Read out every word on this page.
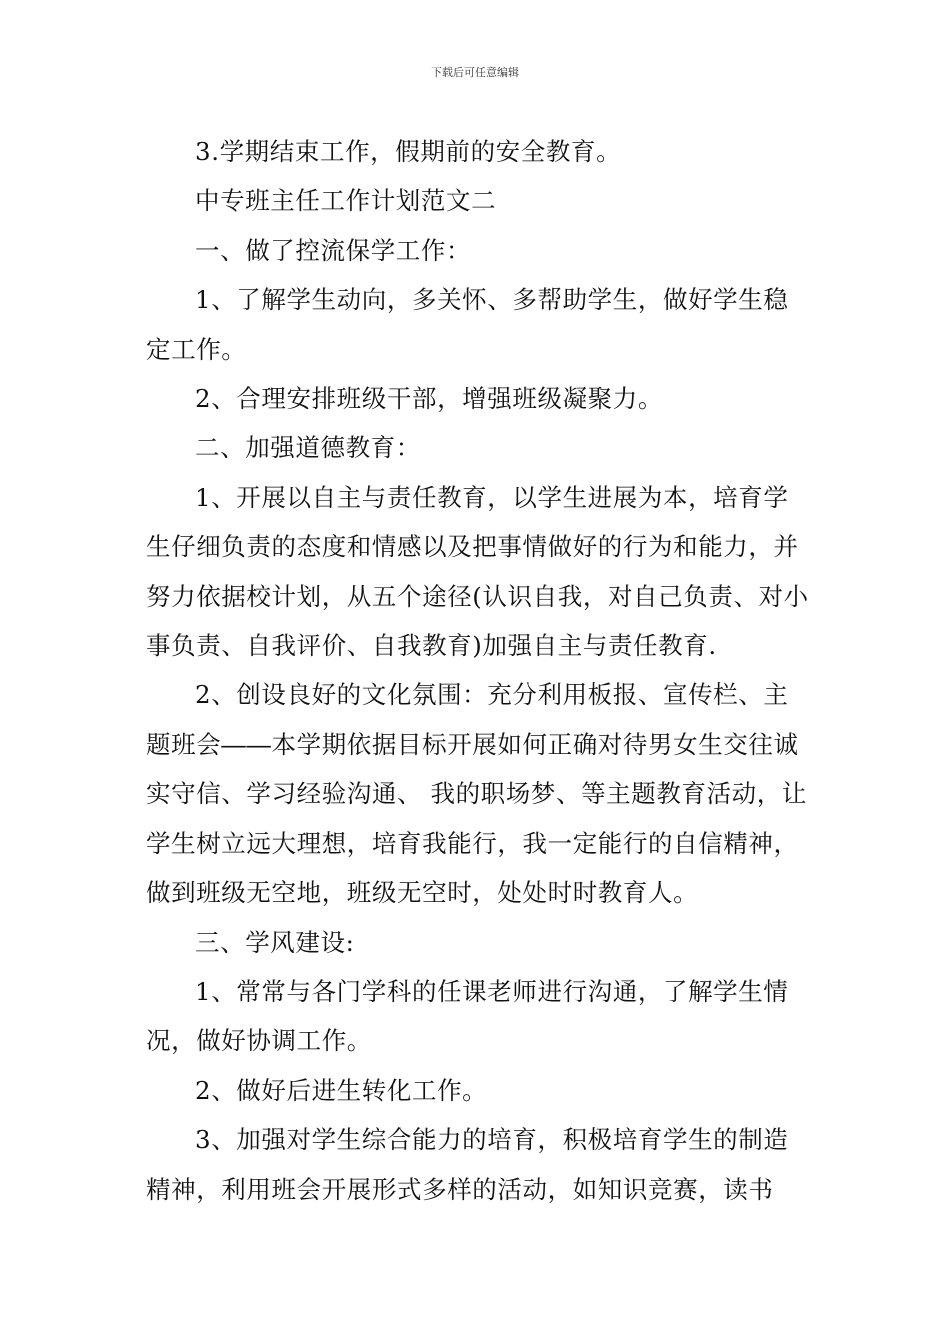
下载后可任意编辑

3.学期结束工作，假期前的安全教育。

中专班主任工作计划范文二

一、做了控流保学工作：

1、了解学生动向，多关怀、多帮助学生，做好学生稳定工作。

2、合理安排班级干部，增强班级凝聚力。

二、加强道德教育：

1、开展以自主与责任教育，以学生进展为本，培育学生仔细负责的态度和情感以及把事情做好的行为和能力，并努力依据校计划，从五个途径(认识自我，对自己负责、对小事负责、自我评价、自我教育)加强自主与责任教育.

2、创设良好的文化氛围：充分利用板报、宣传栏、主题班会――本学期依据目标开展如何正确对待男女生交往诚实守信、学习经验沟通、 我的职场梦、等主题教育活动，让学生树立远大理想，培育我能行，我一定能行的自信精神，做到班级无空地，班级无空时，处处时时教育人。

三、学风建设:

1、常常与各门学科的任课老师进行沟通，了解学生情况，做好协调工作。

2、做好后进生转化工作。

3、加强对学生综合能力的培育，积极培育学生的制造精神，利用班会开展形式多样的活动，如知识竞赛，读书
